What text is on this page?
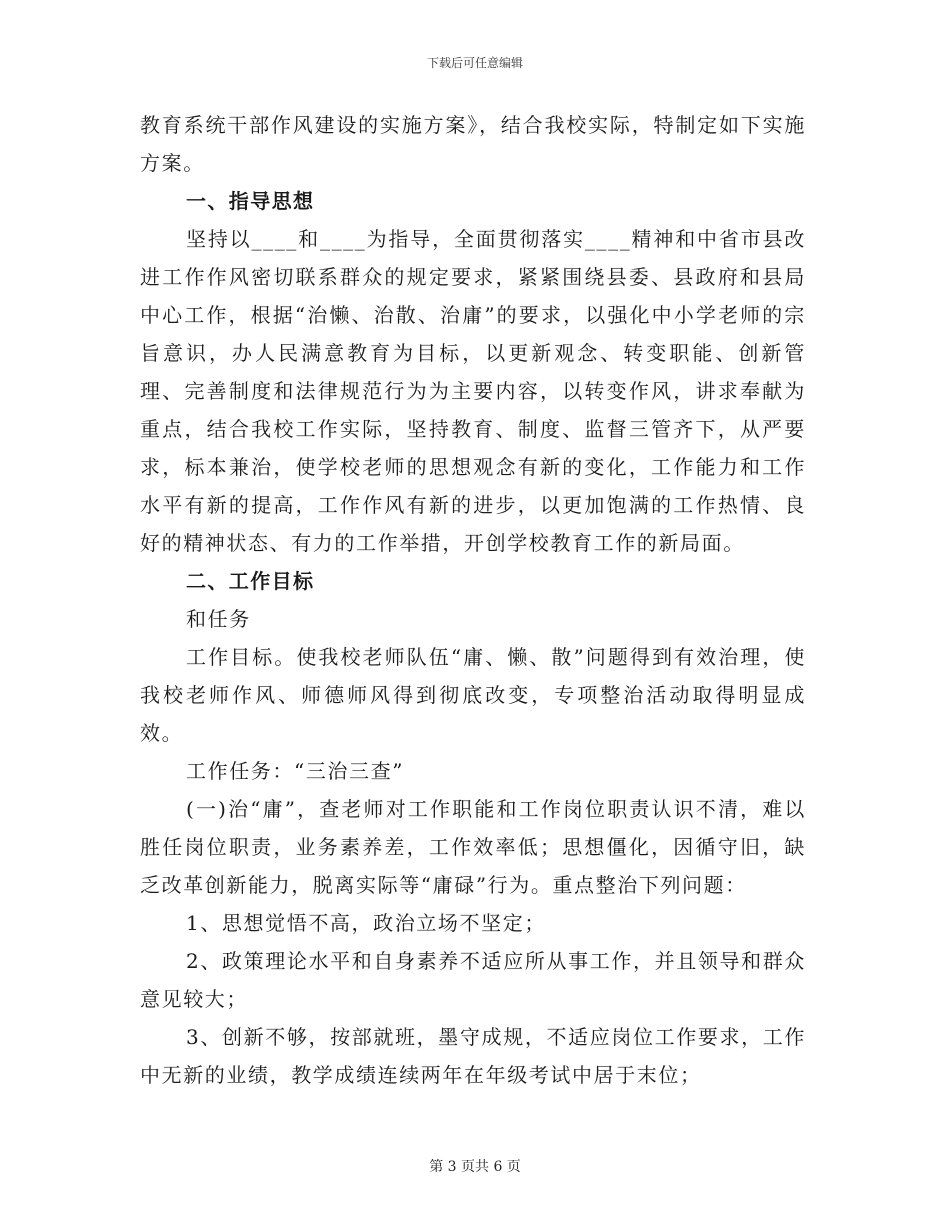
下载后可任意编辑

教育系统干部作风建设的实施方案》，结合我校实际，特制定如下实施方案。

一、指导思想

坚持以____和____为指导，全面贯彻落实____精神和中省市县改进工作作风密切联系群众的规定要求，紧紧围绕县委、县政府和县局中心工作，根据“治懒、治散、治庸”的要求，以强化中小学老师的宗旨意识，办人民满意教育为目标，以更新观念、转变职能、创新管理、完善制度和法律规范行为为主要内容，以转变作风，讲求奉献为重点，结合我校工作实际，坚持教育、制度、监督三管齐下，从严要求，标本兼治，使学校老师的思想观念有新的变化，工作能力和工作水平有新的提高，工作作风有新的进步，以更加饱满的工作热情、良好的精神状态、有力的工作举措，开创学校教育工作的新局面。

二、工作目标

和任务

工作目标。使我校老师队伍“庸、懒、散”问题得到有效治理，使我校老师作风、师德师风得到彻底改变，专项整治活动取得明显成效。

工作任务：“三治三查”

(一)治“庸”，查老师对工作职能和工作岗位职责认识不清，难以胜任岗位职责，业务素养差，工作效率低；思想僵化，因循守旧，缺乏改革创新能力，脱离实际等“庸碌”行为。重点整治下列问题：

1、思想觉悟不高，政治立场不坚定；

2、政策理论水平和自身素养不适应所从事工作，并且领导和群众意见较大；

3、创新不够，按部就班，墨守成规，不适应岗位工作要求，工作中无新的业绩，教学成绩连续两年在年级考试中居于末位；

第 3 页共 6 页
